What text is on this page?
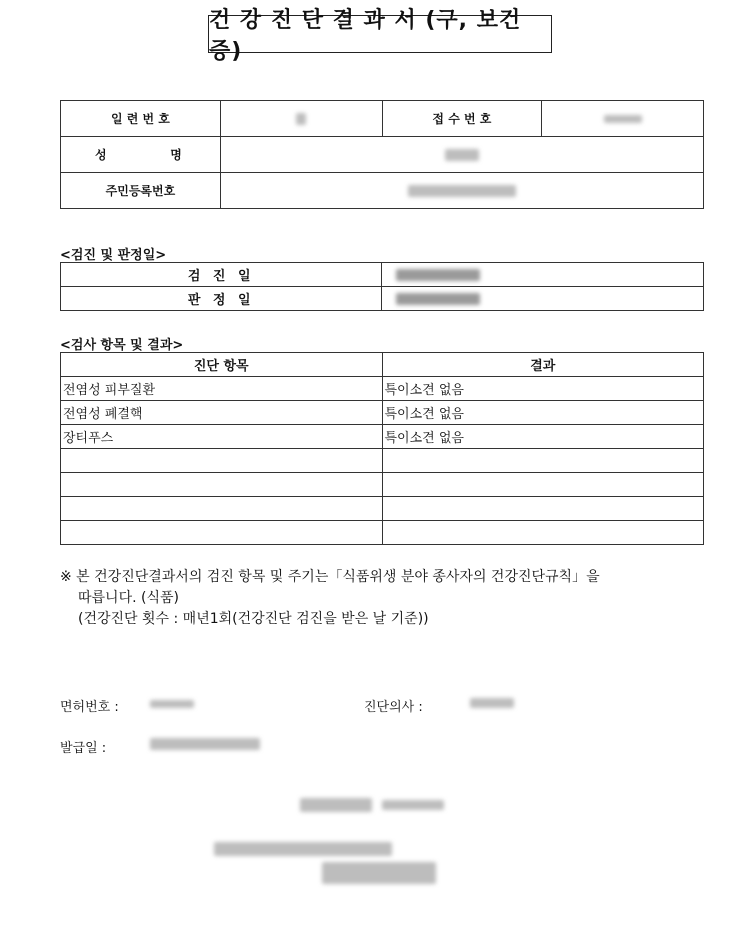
건 강 진 단 결 과 서 (구, 보건증)
일 련 번 호		접 수 번 호	

성 명			

주민등록번호			
<검진 및 판정일>
검 진 일	
판 정 일	
<검사 항목 및 결과>
진단 항목	결과
전염성 피부질환	특이소견 없음
전염성 폐결핵	특이소견 없음
장티푸스	특이소견 없음

※ 본 건강진단결과서의 검진 항목 및 주기는「식품위생 분야 종사자의 건강진단규칙」을
따릅니다. (식품)
(건강진단 횟수 : 매년1회(건강진단 검진을 받은 날 기준))
면허번호 :	진단의사 :
발급일 :
